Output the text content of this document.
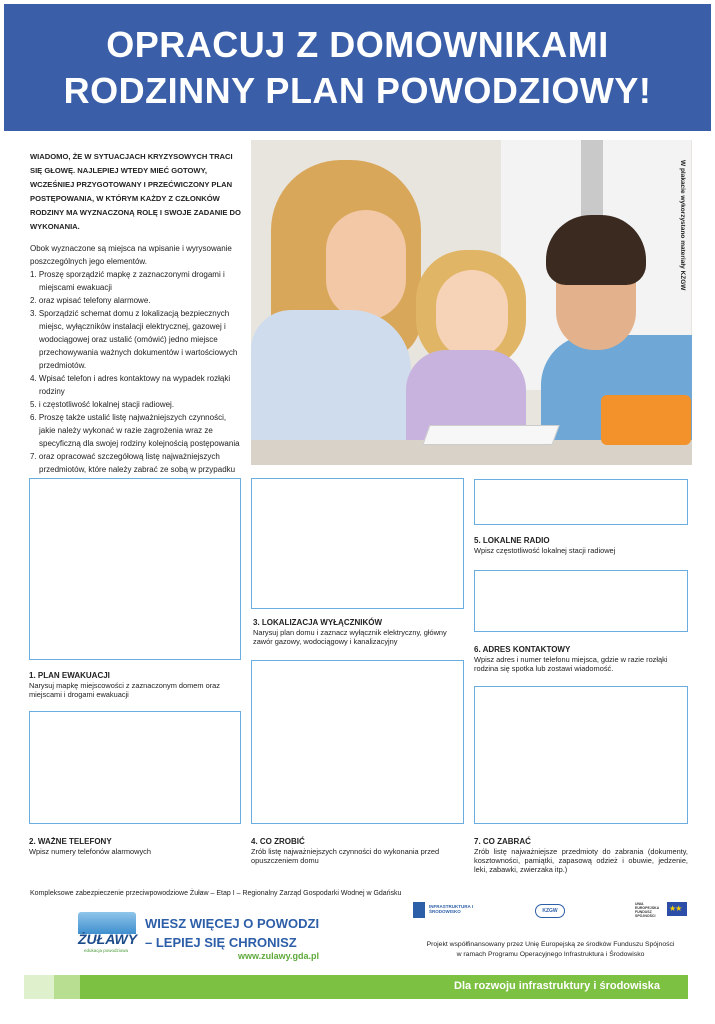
OPRACUJ Z DOMOWNIKAMI
RODZINNY PLAN POWODZIOWY!
WIADOMO, ŻE W SYTUACJACH KRYZYSOWYCH TRACI SIĘ GŁOWĘ. NAJLEPIEJ WTEDY MIEĆ GOTOWY, WCZEŚNIEJ PRZYGOTOWANY I PRZEĆWICZONY PLAN POSTĘPOWANIA, W KTÓRYM KAŻDY Z CZŁONKÓW RODZINY MA WYZNACZONĄ ROLĘ I SWOJE ZADANIE DO WYKONANIA.

Obok wyznaczone są miejsca na wpisanie i wyrysowanie poszczególnych jego elementów.

1. Proszę sporządzić mapkę z zaznaczonymi drogami i miejscami ewakuacji
2. oraz wpisać telefony alarmowe.
3. Sporządzić schemat domu z lokalizacją bezpiecznych miejsc, wyłączników instalacji elektrycznej, gazowej i wodociągowej oraz ustalić (omówić) jedno miejsce przechowywania ważnych dokumentów i wartościowych przedmiotów.
4. Wpisać telefon i adres kontaktowy na wypadek rozłąki rodziny
5. i częstotliwość lokalnej stacji radiowej.
6. Proszę także ustalić listę najważniejszych czynności, jakie należy wykonać w razie zagrożenia wraz ze specyficzną dla swojej rodziny kolejnością postępowania
7. oraz opracować szczegółową listę najważniejszych przedmiotów, które należy zabrać ze sobą w przypadku
W plakacie wykorzystano materiały KZGW
1. PLAN EWAKUACJI
Narysuj mapkę miejscowości z zaznaczonym domem oraz miejscami i drogami ewakuacji
2. WAŻNE TELEFONY
Wpisz numery telefonów alarmowych
3. LOKALIZACJA WYŁĄCZNIKÓW
Narysuj plan domu i zaznacz wyłącznik elektryczny, główny zawór gazowy, wodociągowy i kanalizacyjny
4. CO ZROBIĆ
Zrób listę najważniejszych czynności do wykonania przed opuszczeniem domu
5. LOKALNE RADIO
Wpisz częstotliwość lokalnej stacji radiowej
6. ADRES KONTAKTOWY
Wpisz adres i numer telefonu miejsca, gdzie w razie rozłąki rodzina się spotka lub zostawi wiadomość.
7. CO ZABRAĆ
Zrób listę najważniejsze przedmioty do zabrania (dokumenty, kosztowności, pamiątki, zapasową odzież i obuwie, jedzenie, leki, zabawki, zwierzaka itp.)
Kompleksowe zabezpieczenie przeciwpowodziowe Żuław – Etap I – Regionalny Zarząd Gospodarki Wodnej w Gdańsku
ŻUŁAWY
edukacja powodziowa
WIESZ WIĘCEJ O POWODZI
– LEPIEJ SIĘ CHRONISZ
www.zulawy.gda.pl
INFRASTRUKTURA I ŚRODOWISKO	KZGW
UNIA EUROPEJSKA FUNDUSZ SPÓJNOŚCI
★★
Projekt współfinansowany przez Unię Europejską ze środków Funduszu Spójności
w ramach Programu Operacyjnego Infrastruktura i Środowisko
Dla rozwoju infrastruktury i środowiska
